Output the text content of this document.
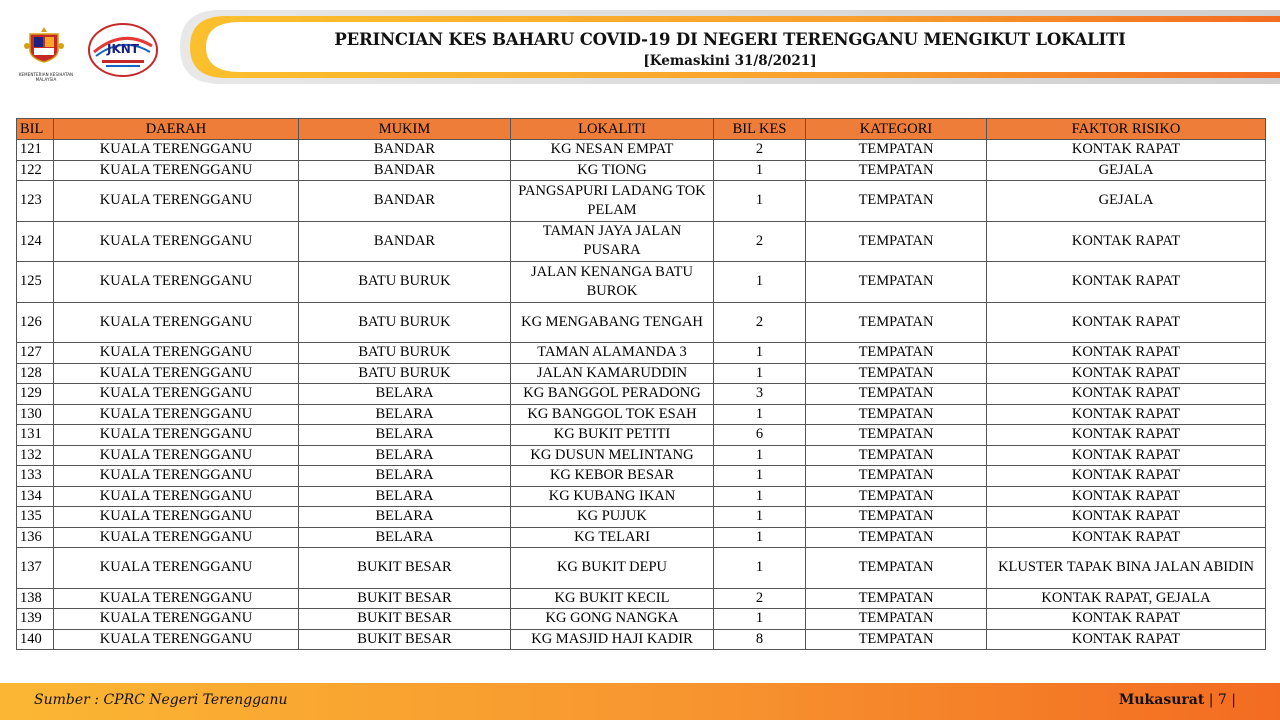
KEMENTERIAN KESIHATAN MALAYSIA
JKNT	PERINCIAN KES BAHARU COVID-19 DI NEGERI TERENGGANU MENGIKUT LOKALITI
[Kemaskini 31/8/2021]
BIL	DAERAH	MUKIM	LOKALITI	BIL KES	KATEGORI	FAKTOR RISIKO
121	KUALA TERENGGANU	BANDAR	KG NESAN EMPAT	2	TEMPATAN	KONTAK RAPAT
122	KUALA TERENGGANU	BANDAR	KG TIONG	1	TEMPATAN	GEJALA
123	KUALA TERENGGANU	BANDAR	PANGSAPURI LADANG TOK PELAM	1	TEMPATAN	GEJALA
124	KUALA TERENGGANU	BANDAR	TAMAN JAYA JALAN PUSARA	2	TEMPATAN	KONTAK RAPAT
125	KUALA TERENGGANU	BATU BURUK	JALAN KENANGA BATU BUROK	1	TEMPATAN	KONTAK RAPAT
126	KUALA TERENGGANU	BATU BURUK	KG MENGABANG TENGAH	2	TEMPATAN	KONTAK RAPAT
127	KUALA TERENGGANU	BATU BURUK	TAMAN ALAMANDA 3	1	TEMPATAN	KONTAK RAPAT
128	KUALA TERENGGANU	BATU BURUK	JALAN KAMARUDDIN	1	TEMPATAN	KONTAK RAPAT
129	KUALA TERENGGANU	BELARA	KG BANGGOL PERADONG	3	TEMPATAN	KONTAK RAPAT
130	KUALA TERENGGANU	BELARA	KG BANGGOL TOK ESAH	1	TEMPATAN	KONTAK RAPAT
131	KUALA TERENGGANU	BELARA	KG BUKIT PETITI	6	TEMPATAN	KONTAK RAPAT
132	KUALA TERENGGANU	BELARA	KG DUSUN MELINTANG	1	TEMPATAN	KONTAK RAPAT
133	KUALA TERENGGANU	BELARA	KG KEBOR BESAR	1	TEMPATAN	KONTAK RAPAT
134	KUALA TERENGGANU	BELARA	KG KUBANG IKAN	1	TEMPATAN	KONTAK RAPAT
135	KUALA TERENGGANU	BELARA	KG PUJUK	1	TEMPATAN	KONTAK RAPAT
136	KUALA TERENGGANU	BELARA	KG TELARI	1	TEMPATAN	KONTAK RAPAT
137	KUALA TERENGGANU	BUKIT BESAR	KG BUKIT DEPU	1	TEMPATAN	KLUSTER TAPAK BINA JALAN ABIDIN
138	KUALA TERENGGANU	BUKIT BESAR	KG BUKIT KECIL	2	TEMPATAN	KONTAK RAPAT, GEJALA
139	KUALA TERENGGANU	BUKIT BESAR	KG GONG NANGKA	1	TEMPATAN	KONTAK RAPAT
140	KUALA TERENGGANU	BUKIT BESAR	KG MASJID HAJI KADIR	8	TEMPATAN	KONTAK RAPAT
Sumber : CPRC Negeri Terengganu	Mukasurat | 7 |
